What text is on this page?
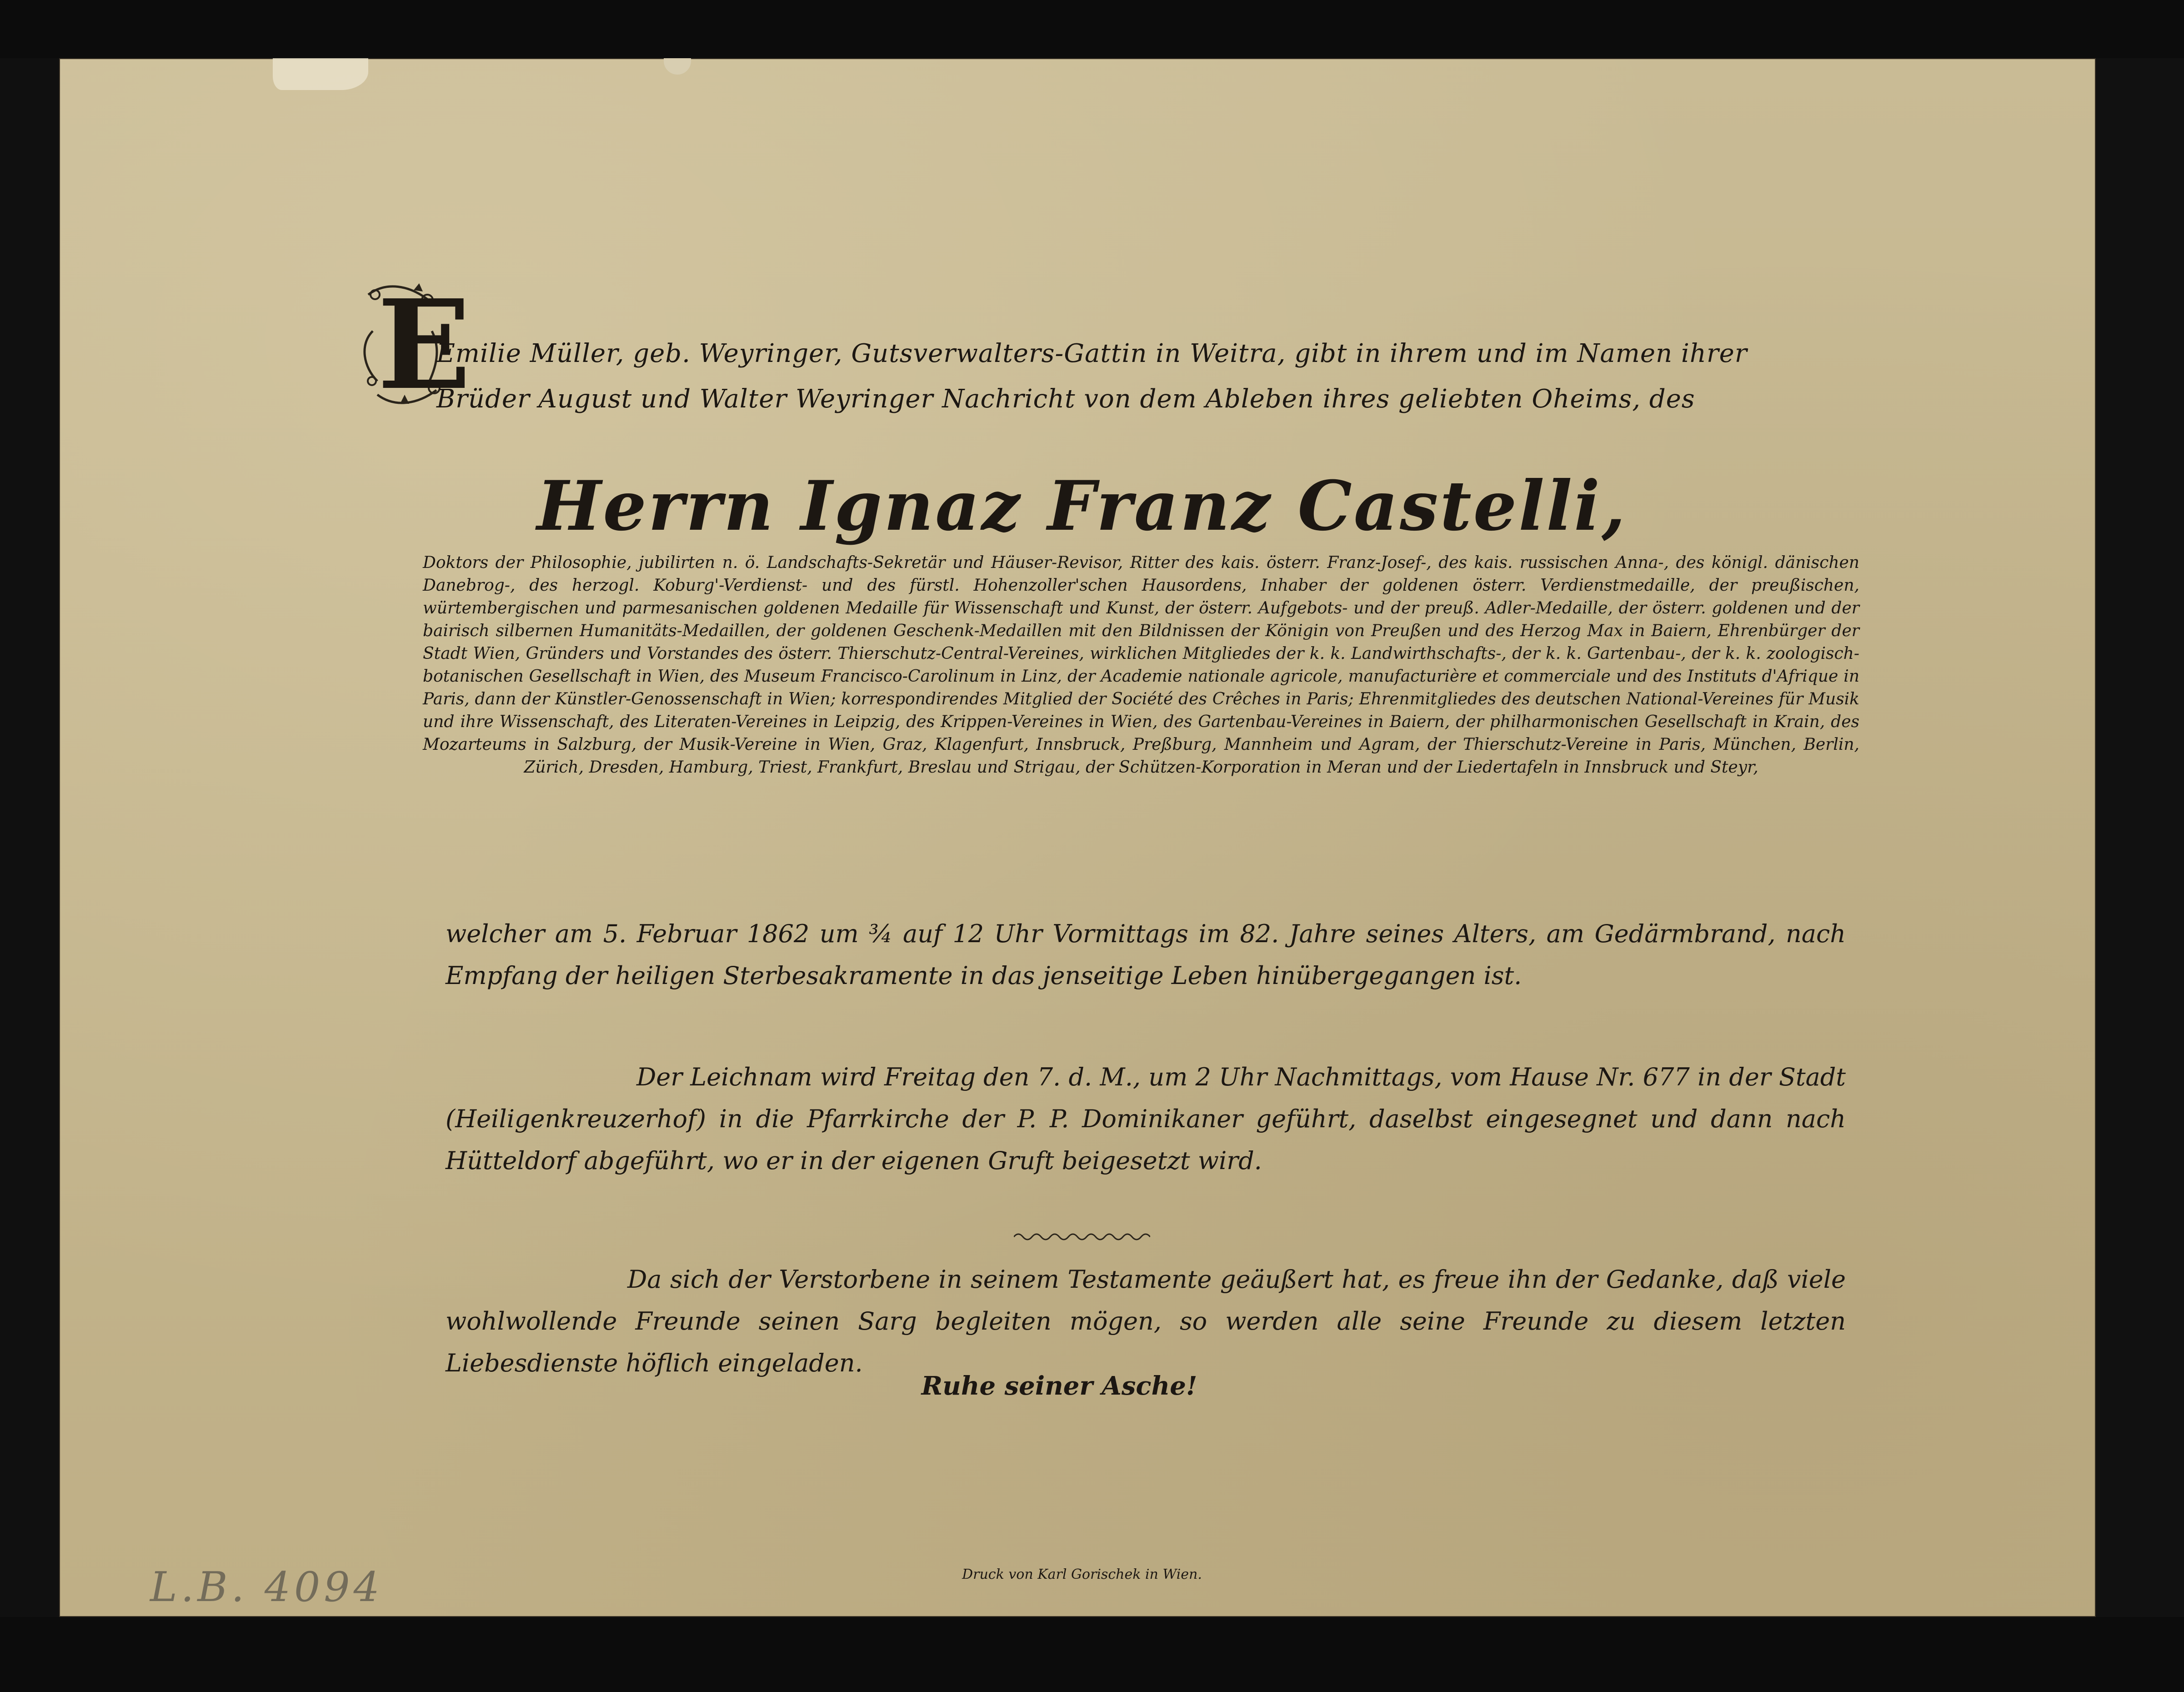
E
Emilie Müller, geb. Weyringer, Gutsverwalters-Gattin in Weitra, gibt in ihrem und im Namen ihrer Brüder August und Walter Weyringer Nachricht von dem Ableben ihres geliebten Oheims, des
Herrn Ignaz Franz Castelli,
Doktors der Philosophie, jubilirten n. ö. Landschafts-Sekretär und Häuser-Revisor, Ritter des kais. österr. Franz-Josef-, des kais. russischen Anna-, des königl. dänischen Danebrog-, des herzogl. Koburg'-Verdienst- und des fürstl. Hohenzoller'schen Hausordens, Inhaber der goldenen österr. Verdienstmedaille, der preußischen, würtembergischen und parmesanischen goldenen Medaille für Wissenschaft und Kunst, der österr. Aufgebots- und der preuß. Adler-Medaille, der österr. goldenen und der bairisch silbernen Humanitäts-Medaillen, der goldenen Geschenk-Medaillen mit den Bildnissen der Königin von Preußen und des Herzog Max in Baiern, Ehrenbürger der Stadt Wien, Gründers und Vorstandes des österr. Thierschutz-Central-Vereines, wirklichen Mitgliedes der k. k. Landwirthschafts-, der k. k. Gartenbau-, der k. k. zoologisch-botanischen Gesellschaft in Wien, des Museum Francisco-Carolinum in Linz, der Academie nationale agricole, manufacturière et commerciale und des Instituts d'Afrique in Paris, dann der Künstler-Genossenschaft in Wien; korrespondirendes Mitglied der Société des Crêches in Paris; Ehrenmitgliedes des deutschen National-Vereines für Musik und ihre Wissenschaft, des Literaten-Vereines in Leipzig, des Krippen-Vereines in Wien, des Gartenbau-Vereines in Baiern, der philharmonischen Gesellschaft in Krain, des Mozarteums in Salzburg, der Musik-Vereine in Wien, Graz, Klagenfurt, Innsbruck, Preßburg, Mannheim und Agram, der Thierschutz-Vereine in Paris, München, Berlin, Zürich, Dresden, Hamburg, Triest, Frankfurt, Breslau und Strigau, der Schützen-Korporation in Meran und der Liedertafeln in Innsbruck und Steyr,
welcher am 5. Februar 1862 um ¾ auf 12 Uhr Vormittags im 82. Jahre seines Alters, am Gedärmbrand, nach Empfang der heiligen Sterbesakramente in das jenseitige Leben hinübergegangen ist.
Der Leichnam wird Freitag den 7. d. M., um 2 Uhr Nachmittags, vom Hause Nr. 677 in der Stadt (Heiligenkreuzerhof) in die Pfarrkirche der P. P. Dominikaner geführt, daselbst eingesegnet und dann nach Hütteldorf abgeführt, wo er in der eigenen Gruft beigesetzt wird.
Da sich der Verstorbene in seinem Testamente geäußert hat, es freue ihn der Gedanke, daß viele wohlwollende Freunde seinen Sarg begleiten mögen, so werden alle seine Freunde zu diesem letzten Liebesdienste höflich eingeladen.
Ruhe seiner Asche!
Druck von Karl Gorischek in Wien.
L.B. 4094
